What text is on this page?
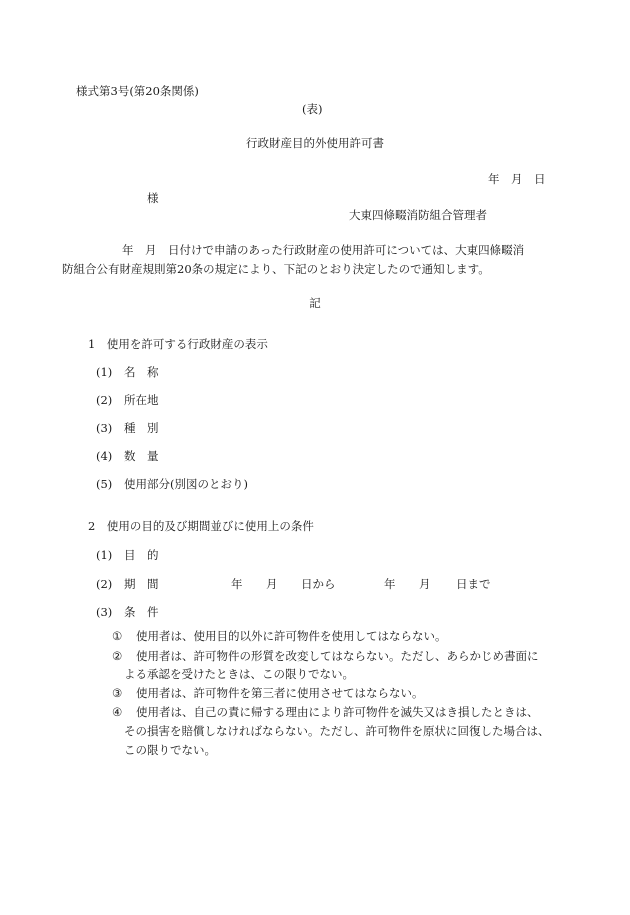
様式第3号(第20条関係)
(表)
行政財産目的外使用許可書
年　月　日
様
大東四條畷消防組合管理者
年　月　日付けで申請のあった行政財産の使用許可については、大東四條畷消
防組合公有財産規則第20条の規定により、下記のとおり決定したので通知します。
記
1　使用を許可する行政財産の表示
(1) 名　称
(2) 所在地
(3) 種　別
(4) 数　量
(5) 使用部分(別図のとおり)
2　使用の目的及び期間並びに使用上の条件
(1) 目　的
(2) 期　間	年 月 日から	年 月 日まで
(3) 条　件
① 使用者は、使用目的以外に許可物件を使用してはならない。
② 使用者は、許可物件の形質を改変してはならない。ただし、あらかじめ書面に
よる承認を受けたときは、この限りでない。
③ 使用者は、許可物件を第三者に使用させてはならない。
④ 使用者は、自己の責に帰する理由により許可物件を滅失又はき損したときは、
その損害を賠償しなければならない。ただし、許可物件を原状に回復した場合は、
この限りでない。
